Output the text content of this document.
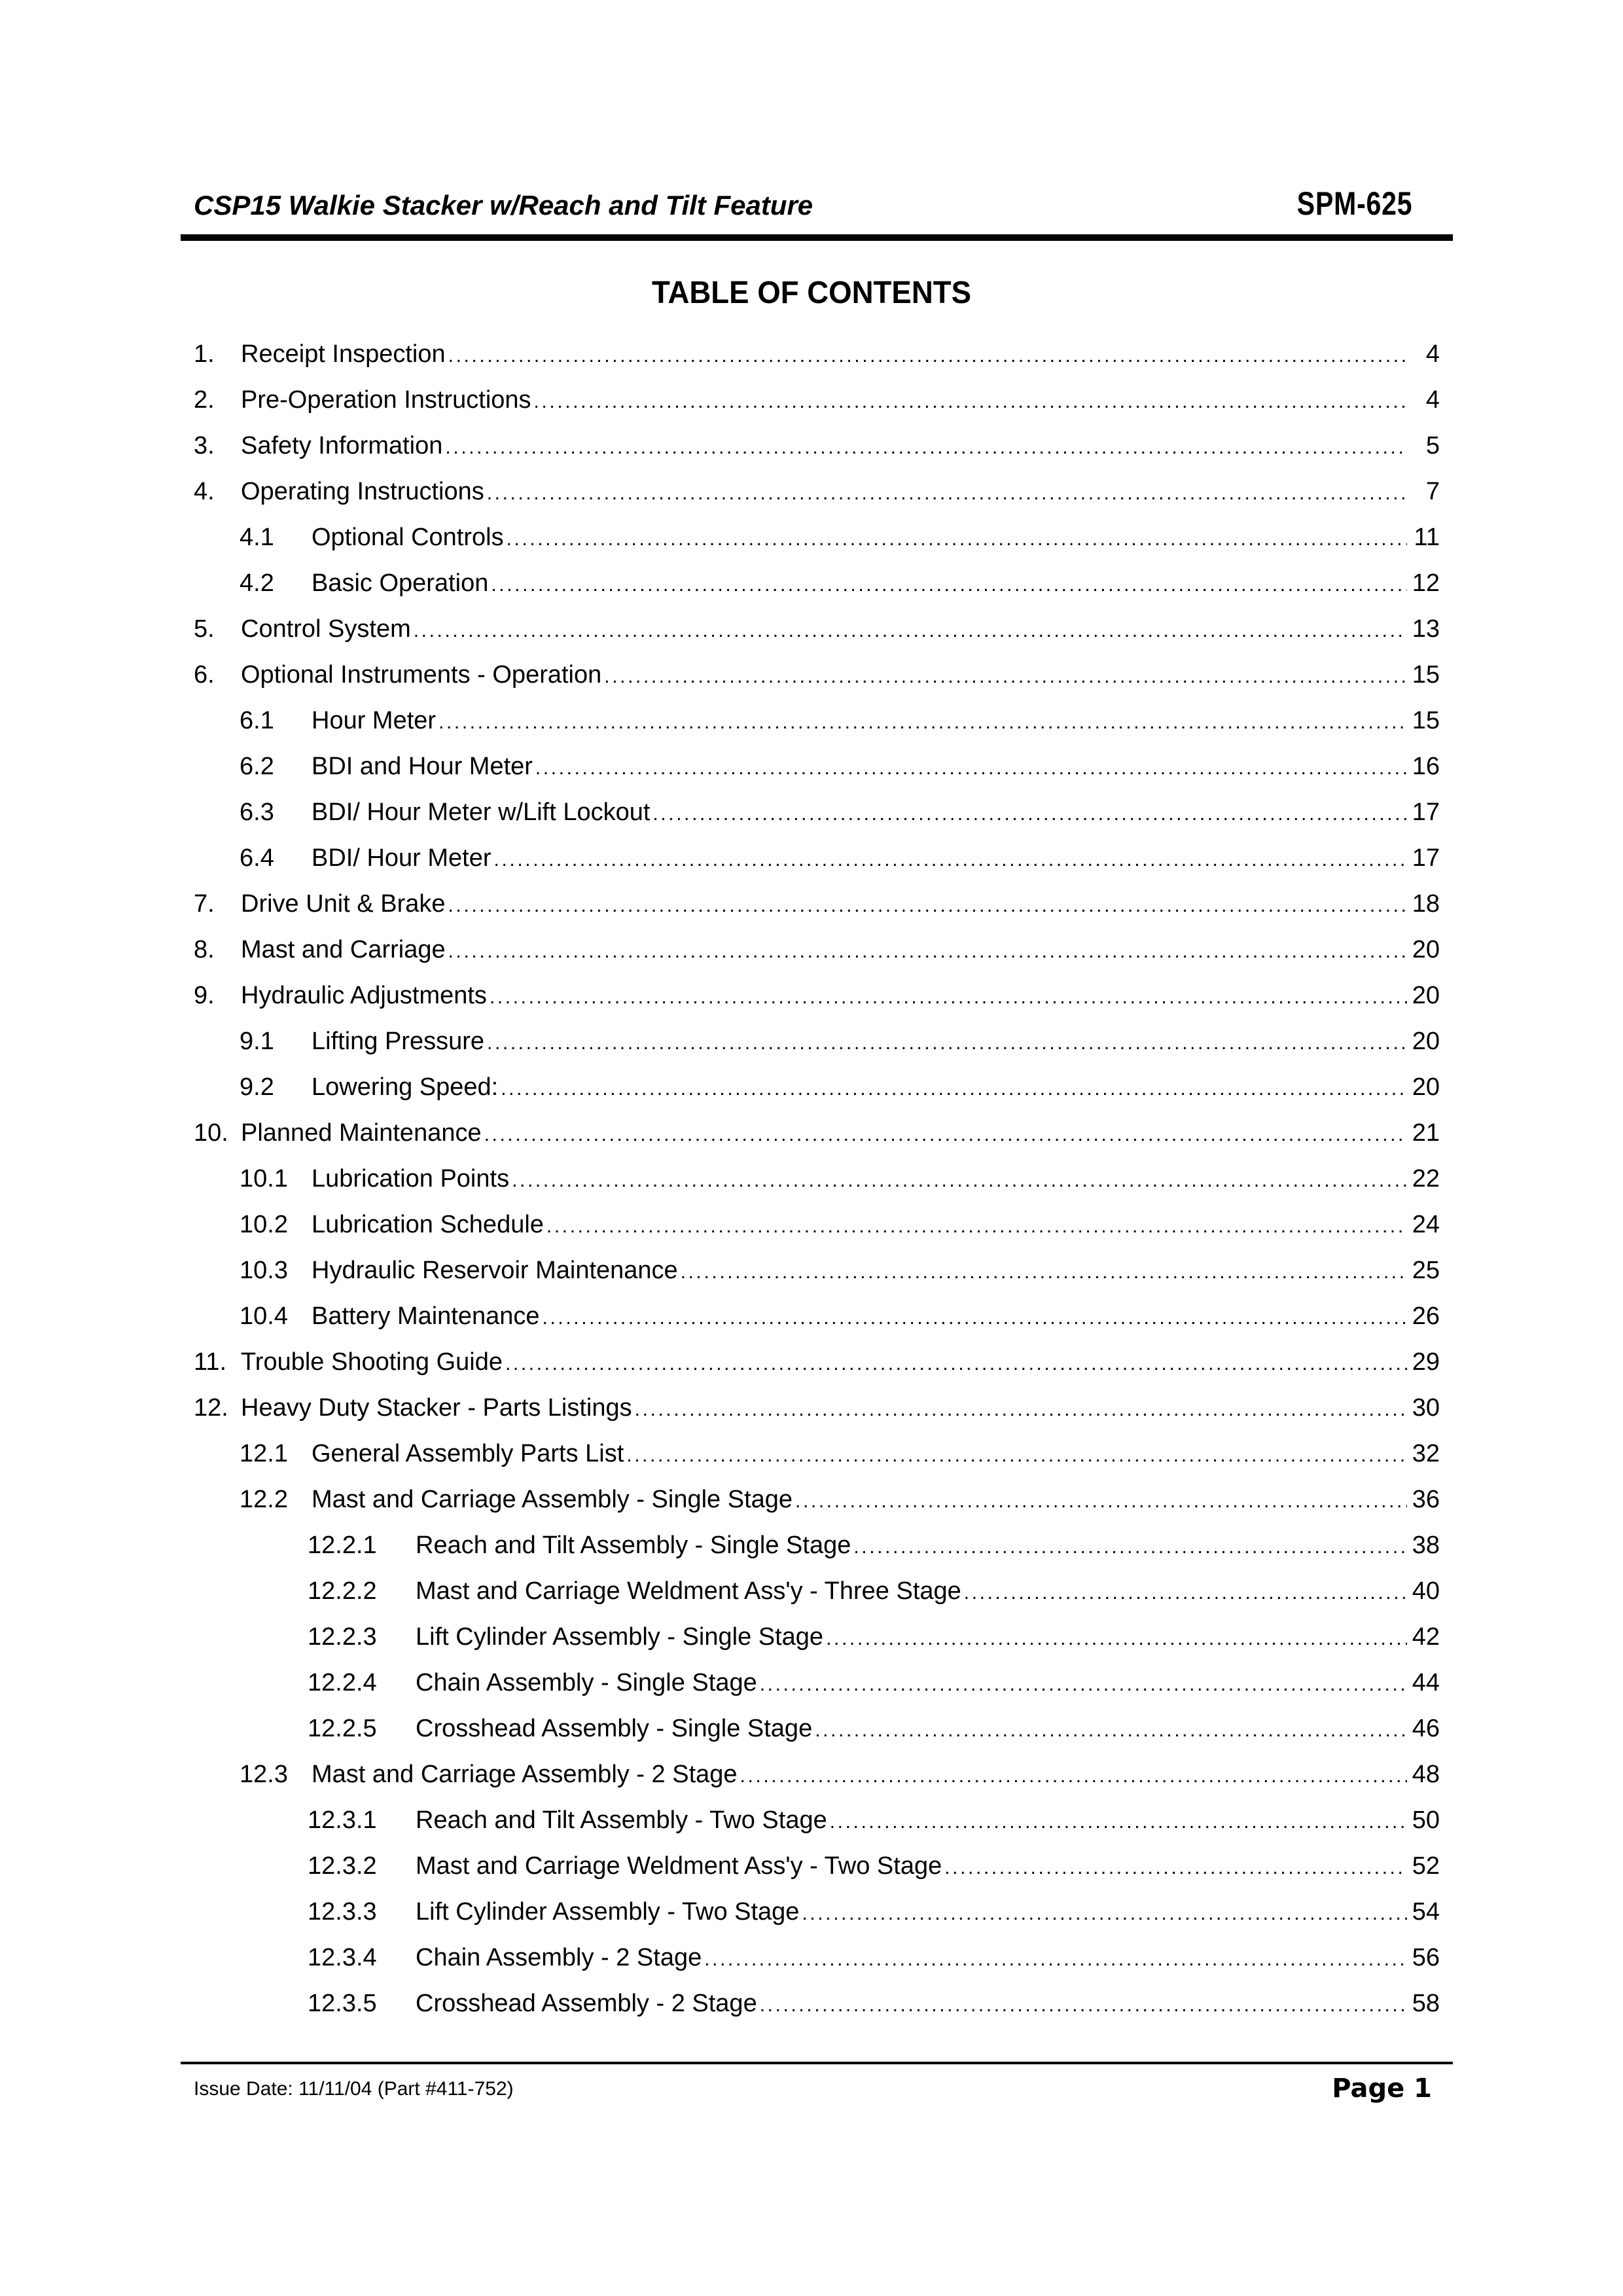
CSP15 Walkie Stacker w/Reach and Tilt Feature	SPM-625
TABLE OF CONTENTS
1.	Receipt Inspection .....	4
2.	Pre-Operation Instructions .....	4
3.	Safety Information .....	5
4.	Operating Instructions .....	7
4.1	Optional Controls .....	11
4.2	Basic Operation .....	12
5.	Control System .....	13
6.	Optional Instruments - Operation .....	15
6.1	Hour Meter .....	15
6.2	BDI and Hour Meter .....	16
6.3	BDI/ Hour Meter w/Lift Lockout .....	17
6.4	BDI/ Hour Meter .....	17
7.	Drive Unit & Brake .....	18
8.	Mast and Carriage .....	20
9.	Hydraulic Adjustments .....	20
9.1	Lifting Pressure .....	20
9.2	Lowering Speed: .....	20
10. Planned Maintenance .....	21
10.1 Lubrication Points .....	22
10.2 Lubrication Schedule .....	24
10.3 Hydraulic Reservoir Maintenance .....	25
10.4 Battery Maintenance .....	26
11. Trouble Shooting Guide .....	29
12. Heavy Duty Stacker - Parts Listings .....	30
12.1 General Assembly Parts List .....	32
12.2 Mast and Carriage Assembly - Single Stage .....	36
12.2.1	Reach and Tilt Assembly - Single Stage .....	38
12.2.2	Mast and Carriage Weldment Ass'y - Three Stage .....	40
12.2.3	Lift Cylinder Assembly - Single Stage .....	42
12.2.4	Chain Assembly - Single Stage .....	44
12.2.5	Crosshead Assembly - Single Stage .....	46
12.3 Mast and Carriage Assembly - 2 Stage .....	48
12.3.1	Reach and Tilt Assembly - Two Stage .....	50
12.3.2	Mast and Carriage Weldment Ass'y - Two Stage .....	52
12.3.3	Lift Cylinder Assembly - Two Stage .....	54
12.3.4	Chain Assembly - 2 Stage .....	56
12.3.5	Crosshead Assembly - 2 Stage .....	58
Issue Date: 11/11/04 (Part #411-752)	Page 1
